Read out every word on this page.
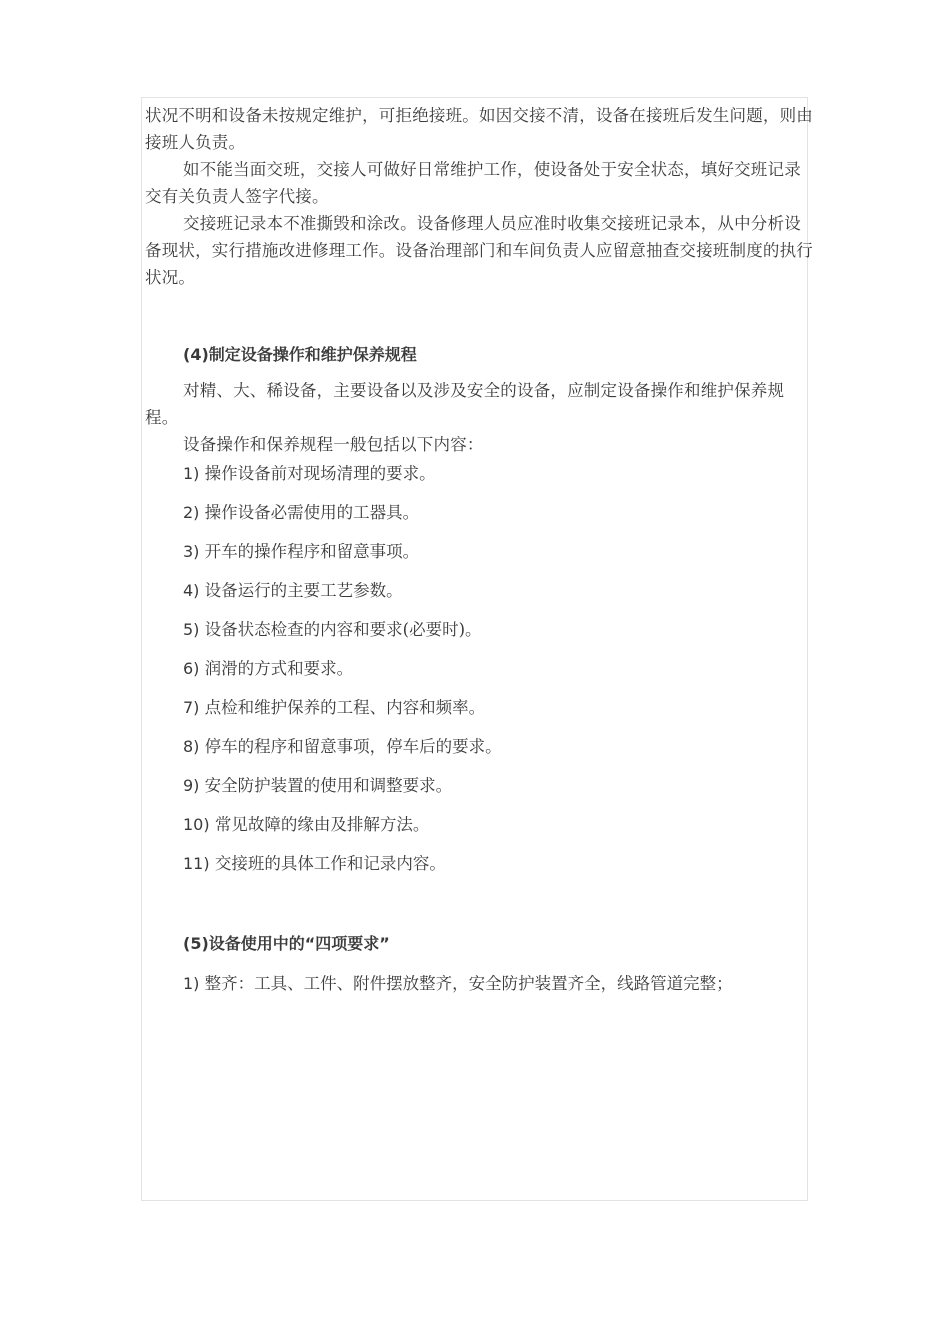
状况不明和设备未按规定维护，可拒绝接班。如因交接不清，设备在接班后发生问题，则由接班人负责。

如不能当面交班，交接人可做好日常维护工作，使设备处于安全状态，填好交班记录交有关负责人签字代接。

交接班记录本不准撕毁和涂改。设备修理人员应准时收集交接班记录本，从中分析设备现状，实行措施改进修理工作。设备治理部门和车间负责人应留意抽查交接班制度的执行状况。

(4)制定设备操作和维护保养规程

对精、大、稀设备，主要设备以及涉及安全的设备，应制定设备操作和维护保养规程。

设备操作和保养规程一般包括以下内容：

1) 操作设备前对现场清理的要求。

2) 操作设备必需使用的工器具。

3) 开车的操作程序和留意事项。

4) 设备运行的主要工艺参数。

5) 设备状态检查的内容和要求(必要时)。

6) 润滑的方式和要求。

7) 点检和维护保养的工程、内容和频率。

8) 停车的程序和留意事项，停车后的要求。

9) 安全防护装置的使用和调整要求。

10) 常见故障的缘由及排解方法。

11) 交接班的具体工作和记录内容。

(5)设备使用中的“四项要求”

1) 整齐：工具、工件、附件摆放整齐，安全防护装置齐全，线路管道完整；
